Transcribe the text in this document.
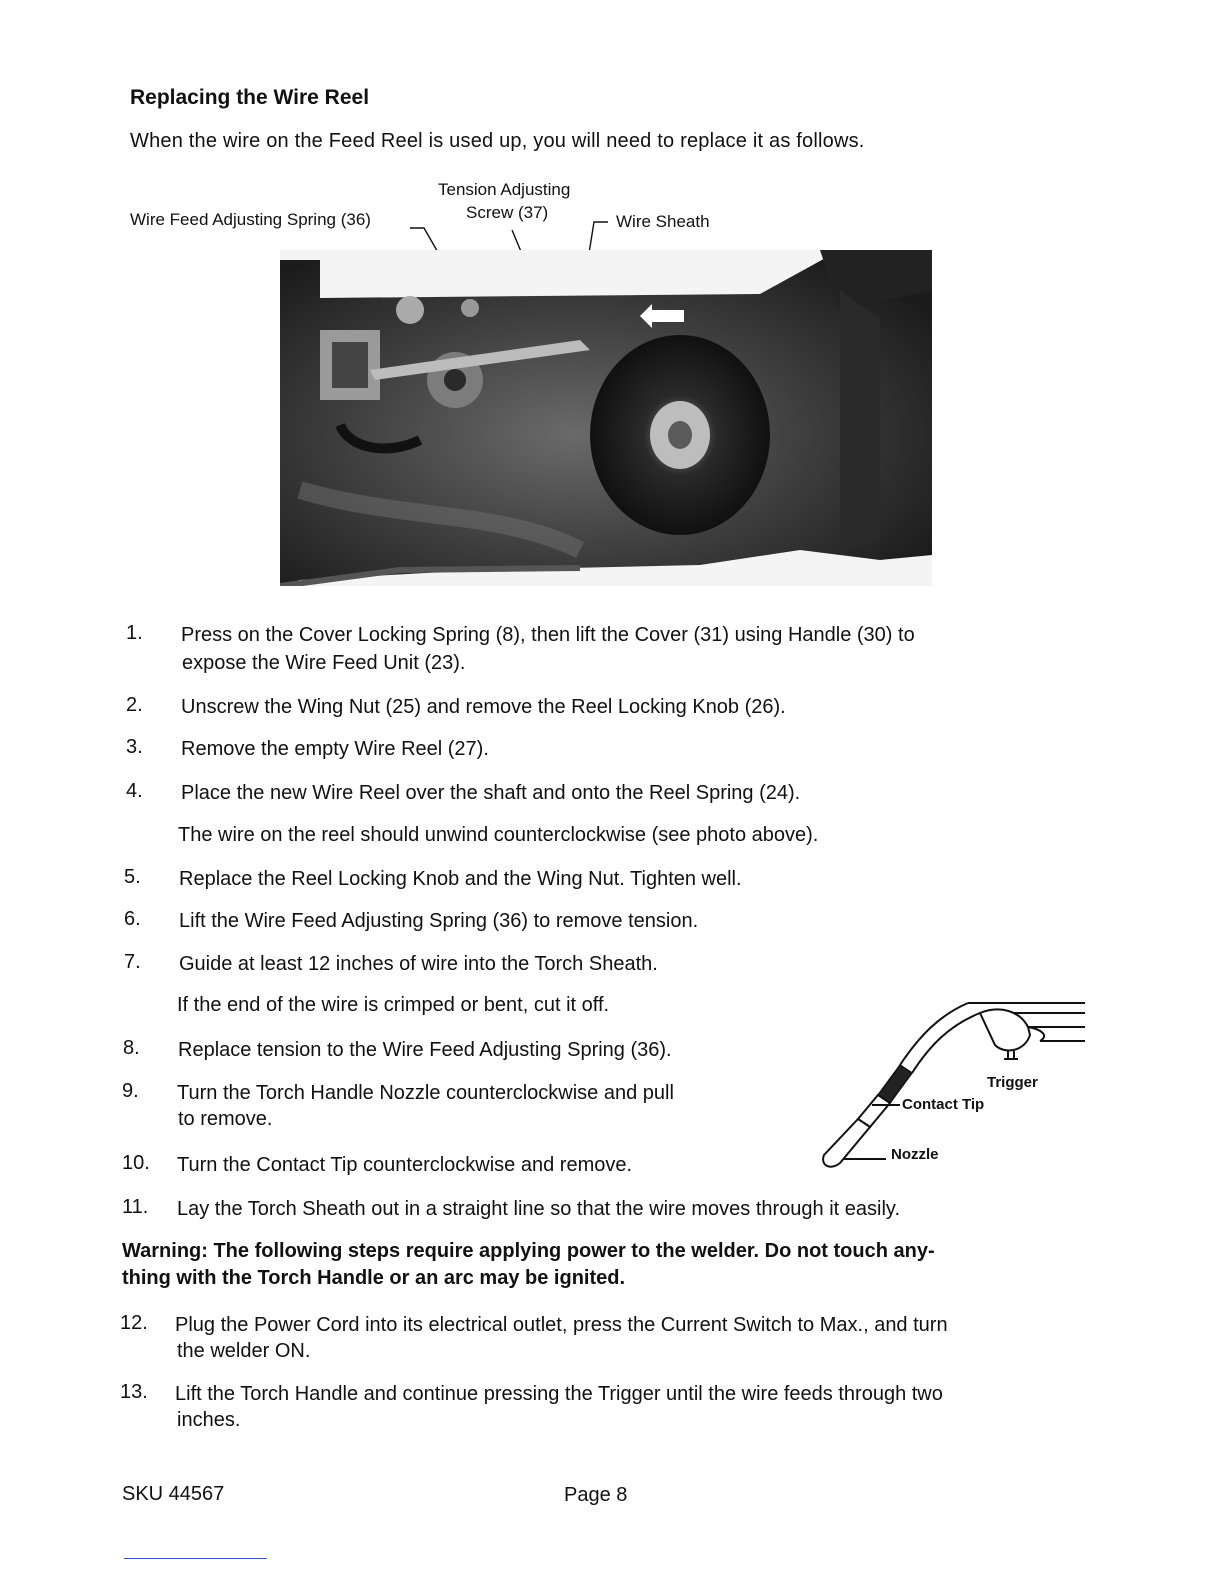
Replacing the Wire Reel
When the wire on the Feed Reel is used up, you will need to replace it as follows.
Wire Feed Adjusting Spring (36)
Tension Adjusting
Screw (37)	Wire Sheath
1. Press on the Cover Locking Spring (8), then lift the Cover (31) using Handle (30) to
expose the Wire Feed Unit (23).
2. Unscrew the Wing Nut (25) and remove the Reel Locking Knob (26).
3. Remove the empty Wire Reel (27).
4. Place the new Wire Reel over the shaft and onto the Reel Spring (24).
The wire on the reel should unwind counterclockwise (see photo above).
5. Replace the Reel Locking Knob and the Wing Nut. Tighten well.
6. Lift the Wire Feed Adjusting Spring (36) to remove tension.
7. Guide at least 12 inches of wire into the Torch Sheath.
If the end of the wire is crimped or bent, cut it off.
8. Replace tension to the Wire Feed Adjusting Spring (36).
9. Turn the Torch Handle Nozzle counterclockwise and pull
to remove.
10. Turn the Contact Tip counterclockwise and remove.
11. Lay the Torch Sheath out in a straight line so that the wire moves through it easily.
Trigger
Contact Tip
Nozzle
Warning: The following steps require applying power to the welder. Do not touch any-
thing with the Torch Handle or an arc may be ignited.
12. Plug the Power Cord into its electrical outlet, press the Current Switch to Max., and turn
the welder ON.
13. Lift the Torch Handle and continue pressing the Trigger until the wire feeds through two
inches.
SKU 44567	Page 8
